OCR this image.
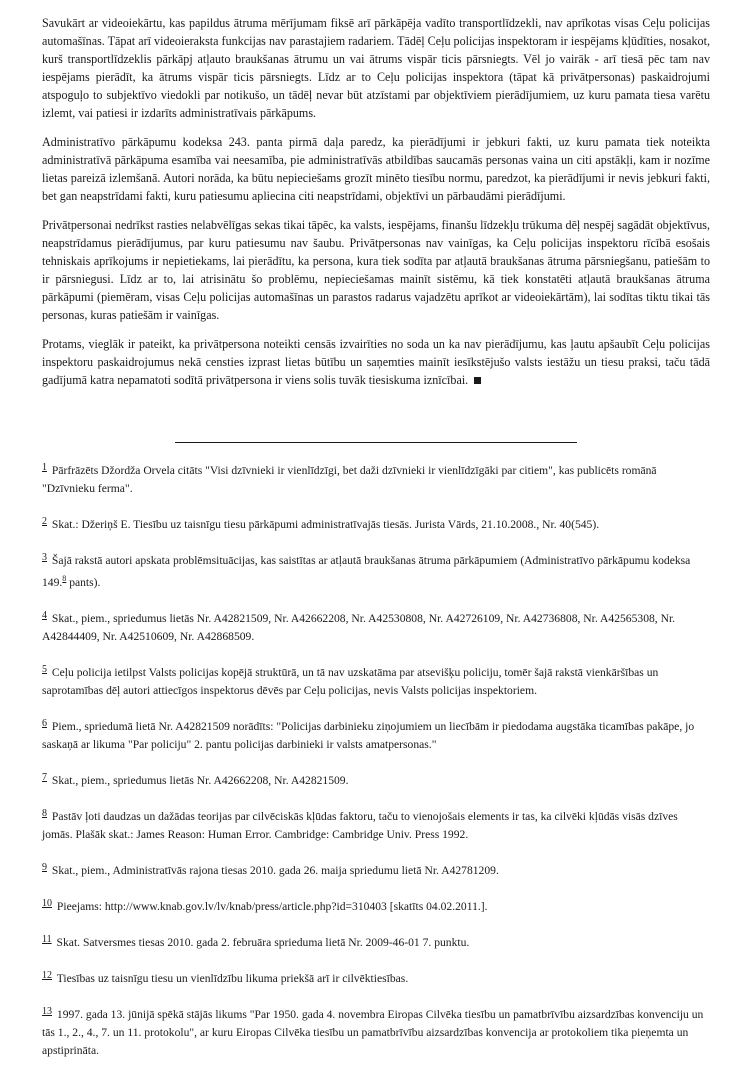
Savukārt ar videoiekārtu, kas papildus ātruma mērījumam fiksē arī pārkāpēja vadīto transportlīdzekli, nav aprīkotas visas Ceļu policijas automašīnas. Tāpat arī videoieraksta funkcijas nav parastajiem radariem. Tādēļ Ceļu policijas inspektoram ir iespējams kļūdīties, nosakot, kurš transportlīdzeklis pārkāpj atļauto braukšanas ātrumu un vai ātrums vispār ticis pārsniegts. Vēl jo vairāk - arī tiesā pēc tam nav iespējams pierādīt, ka ātrums vispār ticis pārsniegts. Līdz ar to Ceļu policijas inspektora (tāpat kā privātpersonas) paskaidrojumi atspoguļo to subjektīvo viedokli par notikušo, un tādēļ nevar būt atzīstami par objektīviem pierādījumiem, uz kuru pamata tiesa varētu izlemt, vai patiesi ir izdarīts administratīvais pārkāpums.

Administratīvo pārkāpumu kodeksa 243. panta pirmā daļa paredz, ka pierādījumi ir jebkuri fakti, uz kuru pamata tiek noteikta administratīvā pārkāpuma esamība vai neesamība, pie administratīvās atbildības saucamās personas vaina un citi apstākļi, kam ir nozīme lietas pareizā izlemšanā. Autori norāda, ka būtu nepieciešams grozīt minēto tiesību normu, paredzot, ka pierādījumi ir nevis jebkuri fakti, bet gan neapstrīdami fakti, kuru patiesumu apliecina citi neapstrīdami, objektīvi un pārbaudāmi pierādījumi.

Privātpersonai nedrīkst rasties nelabvēlīgas sekas tikai tāpēc, ka valsts, iespējams, finanšu līdzekļu trūkuma dēļ nespēj sagādāt objektīvus, neapstrīdamus pierādījumus, par kuru patiesumu nav šaubu. Privātpersonas nav vainīgas, ka Ceļu policijas inspektoru rīcībā esošais tehniskais aprīkojums ir nepietiekams, lai pierādītu, ka persona, kura tiek sodīta par atļautā braukšanas ātruma pārsniegšanu, patiešām to ir pārsniegusi. Līdz ar to, lai atrisinātu šo problēmu, nepieciešamas mainīt sistēmu, kā tiek konstatēti atļautā braukšanas ātruma pārkāpumi (piemēram, visas Ceļu policijas automašīnas un parastos radarus vajadzētu aprīkot ar videoiekārtām), lai sodītas tiktu tikai tās personas, kuras patiešām ir vainīgas.

Protams, vieglāk ir pateikt, ka privātpersona noteikti censās izvairīties no soda un ka nav pierādījumu, kas ļautu apšaubīt Ceļu policijas inspektoru paskaidrojumus nekā censties izprast lietas būtību un saņemties mainīt iesīkstējušo valsts iestāžu un tiesu praksi, taču tādā gadījumā katra nepamatoti sodītā privātpersona ir viens solis tuvāk tiesiskuma iznīcībai.

1 Pārfrāzēts Džordža Orvela citāts "Visi dzīvnieki ir vienlīdzīgi, bet daži dzīvnieki ir vienlīdzīgāki par citiem", kas publicēts romānā "Dzīvnieku ferma".

2 Skat.: Džeriņš E. Tiesību uz taisnīgu tiesu pārkāpumi administratīvajās tiesās. Jurista Vārds, 21.10.2008., Nr. 40(545).

3 Šajā rakstā autori apskata problēmsituācijas, kas saistītas ar atļautā braukšanas ātruma pārkāpumiem (Administratīvo pārkāpumu kodeksa 149.$^8$ pants).

4 Skat., piem., spriedumus lietās Nr. A42821509, Nr. A42662208, Nr. A42530808, Nr. A42726109, Nr. A42736808, Nr. A42565308, Nr. A42844409, Nr. A42510609, Nr. A42868509.

5 Ceļu policija ietilpst Valsts policijas kopējā struktūrā, un tā nav uzskatāma par atsevišķu policiju, tomēr šajā rakstā vienkāršības un saprotamības dēļ autori attiecīgos inspektorus dēvēs par Ceļu policijas, nevis Valsts policijas inspektoriem.

6 Piem., spriedumā lietā Nr. A42821509 norādīts: "Policijas darbinieku ziņojumiem un liecībām ir piedodama augstāka ticamības pakāpe, jo saskaņā ar likuma "Par policiju" 2. pantu policijas darbinieki ir valsts amatpersonas."

7 Skat., piem., spriedumus lietās Nr. A42662208, Nr. A42821509.

8 Pastāv ļoti daudzas un dažādas teorijas par cilvēciskās kļūdas faktoru, taču to vienojošais elements ir tas, ka cilvēki kļūdās visās dzīves jomās. Plašāk skat.: James Reason: Human Error. Cambridge: Cambridge Univ. Press 1992.

9 Skat., piem., Administratīvās rajona tiesas 2010. gada 26. maija spriedumu lietā Nr. A42781209.

10 Pieejams: http://www.knab.gov.lv/lv/knab/press/article.php?id=310403 [skatīts 04.02.2011.].

11 Skat. Satversmes tiesas 2010. gada 2. februāra sprieduma lietā Nr. 2009-46-01 7. punktu.

12 Tiesības uz taisnīgu tiesu un vienlīdzību likuma priekšā arī ir cilvēktiesības.

13 1997. gada 13. jūnijā spēkā stājās likums "Par 1950. gada 4. novembra Eiropas Cilvēka tiesību un pamatbrīvību aizsardzības konvenciju un tās 1., 2., 4., 7. un 11. protokolu", ar kuru Eiropas Cilvēka tiesību un pamatbrīvību aizsardzības konvencija ar protokoliem tika pieņemta un apstiprināta.
